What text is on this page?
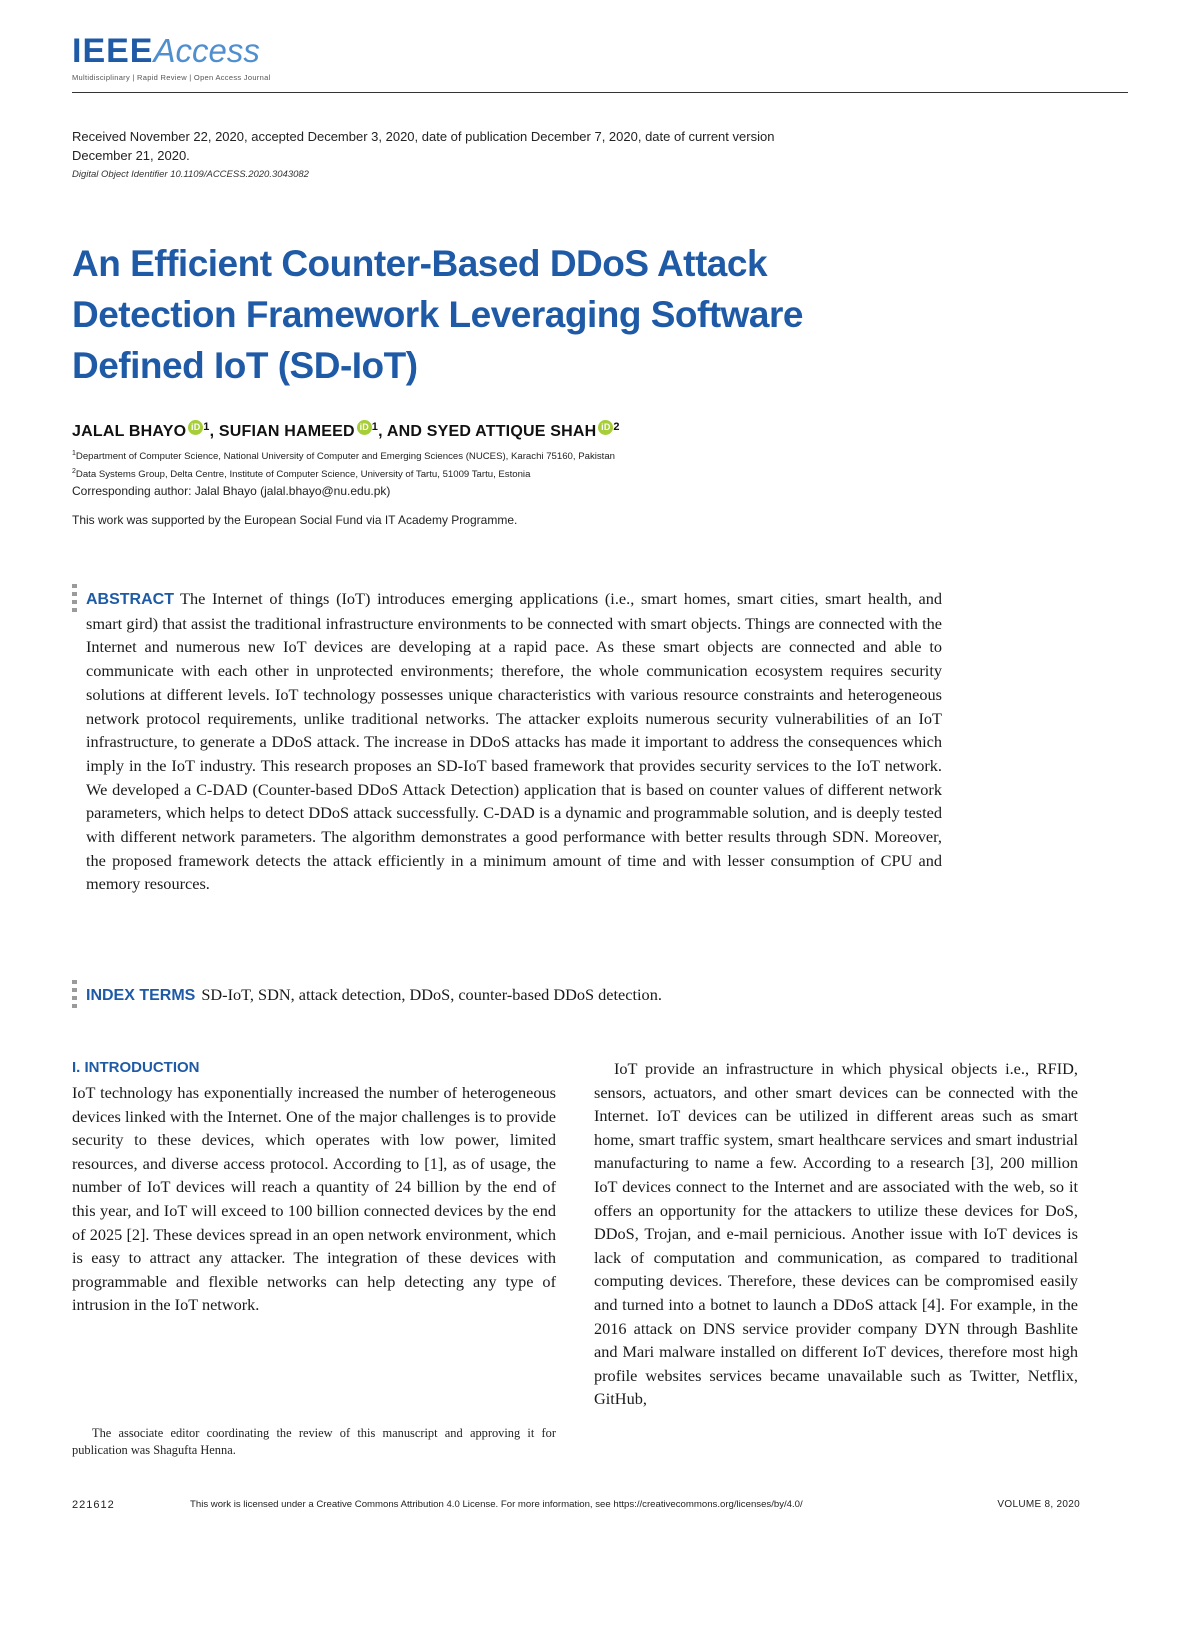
IEEEAccess
Multidisciplinary | Rapid Review | Open Access Journal
Received November 22, 2020, accepted December 3, 2020, date of publication December 7, 2020, date of current version December 21, 2020.
Digital Object Identifier 10.1109/ACCESS.2020.3043082
An Efficient Counter-Based DDoS Attack Detection Framework Leveraging Software Defined IoT (SD-IoT)
JALAL BHAYO iD $^1$, SUFIAN HAMEED iD $^1$, AND SYED ATTIQUE SHAH iD $^2$
$^1$Department of Computer Science, National University of Computer and Emerging Sciences (NUCES), Karachi 75160, Pakistan
$^2$Data Systems Group, Delta Centre, Institute of Computer Science, University of Tartu, 51009 Tartu, Estonia
Corresponding author: Jalal Bhayo (jalal.bhayo@nu.edu.pk)
This work was supported by the European Social Fund via IT Academy Programme.

ABSTRACT The Internet of things (IoT) introduces emerging applications (i.e., smart homes, smart cities, smart health, and smart gird) that assist the traditional infrastructure environments to be connected with smart objects. Things are connected with the Internet and numerous new IoT devices are developing at a rapid pace. As these smart objects are connected and able to communicate with each other in unprotected environments; therefore, the whole communication ecosystem requires security solutions at different levels. IoT technology possesses unique characteristics with various resource constraints and heterogeneous network protocol requirements, unlike traditional networks. The attacker exploits numerous security vulnerabilities of an IoT infrastructure, to generate a DDoS attack. The increase in DDoS attacks has made it important to address the consequences which imply in the IoT industry. This research proposes an SD-IoT based framework that provides security services to the IoT network. We developed a C-DAD (Counter-based DDoS Attack Detection) application that is based on counter values of different network parameters, which helps to detect DDoS attack successfully. C-DAD is a dynamic and programmable solution, and is deeply tested with different network parameters. The algorithm demonstrates a good performance with better results through SDN. Moreover, the proposed framework detects the attack efficiently in a minimum amount of time and with lesser consumption of CPU and memory resources.

INDEX TERMS SD-IoT, SDN, attack detection, DDoS, counter-based DDoS detection.

I. INTRODUCTION

IoT technology has exponentially increased the number of heterogeneous devices linked with the Internet. One of the major challenges is to provide security to these devices, which operates with low power, limited resources, and diverse access protocol. According to [1], as of usage, the number of IoT devices will reach a quantity of 24 billion by the end of this year, and IoT will exceed to 100 billion connected devices by the end of 2025 [2]. These devices spread in an open network environment, which is easy to attract any attacker. The integration of these devices with programmable and flexible networks can help detecting any type of intrusion in the IoT network.

IoT provide an infrastructure in which physical objects i.e., RFID, sensors, actuators, and other smart devices can be connected with the Internet. IoT devices can be utilized in different areas such as smart home, smart traffic system, smart healthcare services and smart industrial manufacturing to name a few. According to a research [3], 200 million IoT devices connect to the Internet and are associated with the web, so it offers an opportunity for the attackers to utilize these devices for DoS, DDoS, Trojan, and e-mail pernicious. Another issue with IoT devices is lack of computation and communication, as compared to traditional computing devices. Therefore, these devices can be compromised easily and turned into a botnet to launch a DDoS attack [4]. For example, in the 2016 attack on DNS service provider company DYN through Bashlite and Mari malware installed on different IoT devices, therefore most high profile websites services became unavailable such as Twitter, Netflix, GitHub,

The associate editor coordinating the review of this manuscript and approving it for publication was Shagufta Henna.
221612	This work is licensed under a Creative Commons Attribution 4.0 License. For more information, see https://creativecommons.org/licenses/by/4.0/	VOLUME 8, 2020
